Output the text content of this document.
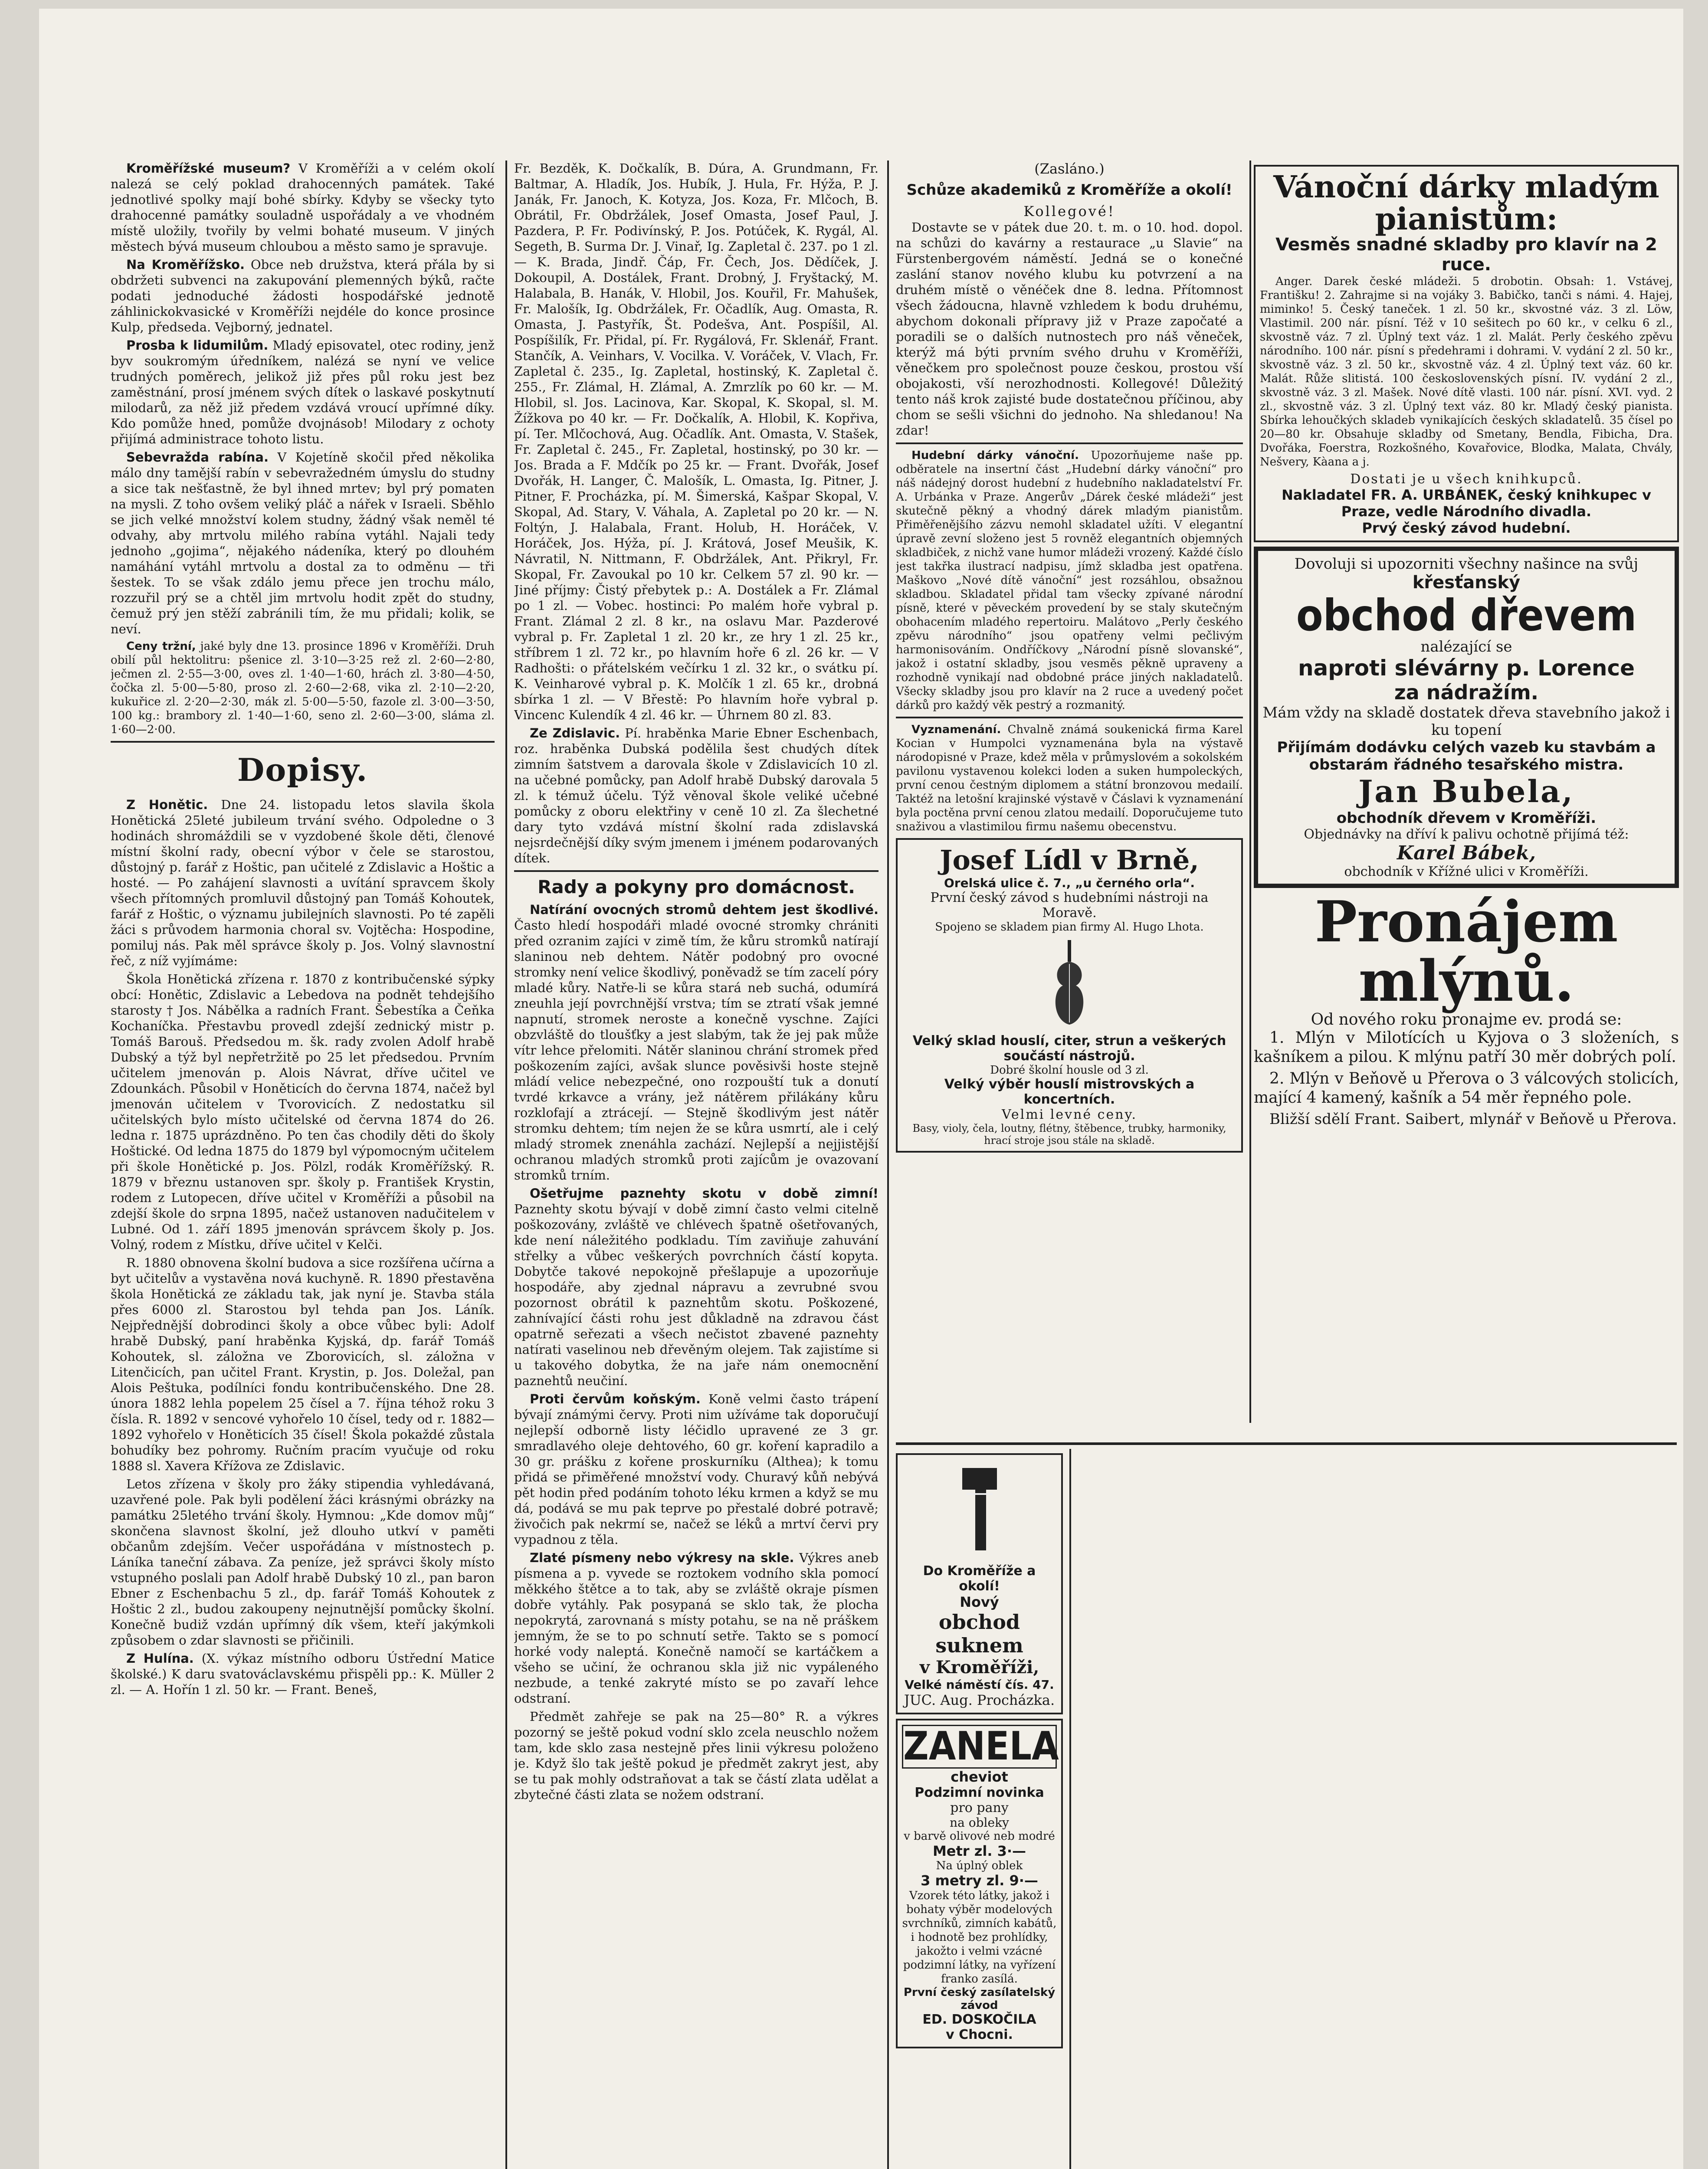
Kroměřížské museum? V Kroměříži a v celém okolí nalezá se celý poklad drahocenných památek. Také jednotlivé spolky mají bohé sbírky. Kdyby se všecky tyto drahocenné památky souladně uspořádaly a ve vhodném místě uložily, tvořily by velmi bohaté museum. V jiných městech bývá museum chloubou a město samo je spravuje.

Na Kroměřížsko. Obce neb družstva, která přála by si obdržeti subvenci na zakupování plemenných býků, račte podati jednoduché žádosti hospodářské jednotě záhlinickokvasické v Kroměříži nejdéle do konce prosince Kulp, předseda. Vejborný, jednatel.

Prosba k lidumilům. Mladý episovatel, otec rodiny, jenž byv soukromým úředníkem, nalézá se nyní ve velice trudných poměrech, jelikož již přes půl roku jest bez zaměstnání, prosí jménem svých dítek o laskavé poskytnutí milodarů, za něž již předem vzdává vroucí upřímné díky. Kdo pomůže hned, pomůže dvojnásob! Milodary z ochoty přijímá administrace tohoto listu.

Sebevražda rabína. V Kojetíně skočil před několika málo dny tamější rabín v sebevražedném úmyslu do studny a sice tak nešťastně, že byl ihned mrtev; byl prý pomaten na mysli. Z toho ovšem veliký pláč a nářek v Israeli. Sběhlo se jich velké množství kolem studny, žádný však neměl té odvahy, aby mrtvolu milého rabína vytáhl. Najali tedy jednoho „gojima“, nějakého nádeníka, který po dlouhém namáhání vytáhl mrtvolu a dostal za to odměnu — tři šestek. To se však zdálo jemu přece jen trochu málo, rozzuřil prý se a chtěl jim mrtvolu hodit zpět do studny, čemuž prý jen stěží zabránili tím, že mu přidali; kolik, se neví.

Ceny tržní, jaké byly dne 13. prosince 1896 v Kroměříži. Druh obilí půl hektolitru: pšenice zl. 3·10—3·25 rež zl. 2·60—2·80, ječmen zl. 2·55—3·00, oves zl. 1·40—1·60, hrách zl. 3·80—4·50, čočka zl. 5·00—5·80, proso zl. 2·60—2·68, vika zl. 2·10—2·20, kukuřice zl. 2·20—2·30, mák zl. 5·00—5·50, fazole zl. 3·00—3·50, 100 kg.: brambory zl. 1·40—1·60, seno zl. 2·60—3·00, sláma zl. 1·60—2·00.

Dopisy.

Z Honětic. Dne 24. listopadu letos slavila škola Honětická 25leté jubileum trvání svého. Odpoledne o 3 hodinách shromáždili se v vyzdobené škole děti, členové místní školní rady, obecní výbor v čele se starostou, důstojný p. farář z Hoštic, pan učitelé z Zdislavic a Hoštic a hosté. — Po zahájení slavnosti a uvítání spravcem školy všech přítomných promluvil důstojný pan Tomáš Kohoutek, farář z Hoštic, o významu jubilejních slavnosti. Po té zapěli žáci s průvodem harmonia choral sv. Vojtěcha: Hospodine, pomiluj nás. Pak měl správce školy p. Jos. Volný slavnostní řeč, z níž vyjímáme:

Škola Honětická zřízena r. 1870 z kontribučenské sýpky obcí: Honětic, Zdislavic a Lebedova na podnět tehdejšího starosty † Jos. Nábělka a radních Frant. Šebestíka a Čeňka Kochaníčka. Přestavbu provedl zdejší zednický mistr p. Tomáš Barouš. Předsedou m. šk. rady zvolen Adolf hrabě Dubský a týž byl nepřetržitě po 25 let předsedou. Prvním učitelem jmenován p. Alois Návrat, dříve učitel ve Zdounkách. Působil v Honěticích do června 1874, načež byl jmenován učitelem v Tvorovicích. Z nedostatku sil učitelských bylo místo učitelské od června 1874 do 26. ledna r. 1875 uprázdněno. Po ten čas chodily děti do školy Hoštické. Od ledna 1875 do 1879 byl výpomocným učitelem při škole Honětické p. Jos. Pölzl, rodák Kroměřížský. R. 1879 v březnu ustanoven spr. školy p. František Krystin, rodem z Lutopecen, dříve učitel v Kroměříži a působil na zdejší škole do srpna 1895, načež ustanoven nadučitelem v Lubné. Od 1. září 1895 jmenován správcem školy p. Jos. Volný, rodem z Místku, dříve učitel v Kelči.

R. 1880 obnovena školní budova a sice rozšířena učírna a byt učitelův a vystavěna nová kuchyně. R. 1890 přestavěna škola Honětická ze základu tak, jak nyní je. Stavba stála přes 6000 zl. Starostou byl tehda pan Jos. Láník. Nejpřednější dobrodinci školy a obce vůbec byli: Adolf hrabě Dubský, paní hraběnka Kyjská, dp. farář Tomáš Kohoutek, sl. záložna ve Zborovicích, sl. záložna v Litenčicích, pan učitel Frant. Krystin, p. Jos. Doležal, pan Alois Peštuka, podílníci fondu kontribučenského. Dne 28. února 1882 lehla popelem 25 čísel a 7. října téhož roku 3 čísla. R. 1892 v sencové vyhořelo 10 čísel, tedy od r. 1882—1892 vyhořelo v Honěticích 35 čísel! Škola pokaždé zůstala bohudíky bez pohromy. Ručním pracím vyučuje od roku 1888 sl. Xavera Křížova ze Zdislavic.

Letos zřízena v školy pro žáky stipendia vyhledávaná, uzavřené pole. Pak byli podělení žáci krásnými obrázky na památku 25letého trvání školy. Hymnou: „Kde domov můj“ skončena slavnost školní, jež dlouho utkví v paměti občanům zdejším. Večer uspořádána v místnostech p. Láníka taneční zábava. Za peníze, jež správci školy místo vstupného poslali pan Adolf hrabě Dubský 10 zl., pan baron Ebner z Eschenbachu 5 zl., dp. farář Tomáš Kohoutek z Hoštic 2 zl., budou zakoupeny nejnutnější pomůcky školní. Konečně budiž vzdán upřímný dík všem, kteří jakýmkoli způsobem o zdar slavnosti se přičinili.

Z Hulína. (X. výkaz místního odboru Ústřední Matice školské.) K daru svatováclavskému přispěli pp.: K. Müller 2 zl. — A. Hořín 1 zl. 50 kr. — Frant. Beneš,

Fr. Bezděk, K. Dočkalík, B. Dúra, A. Grundmann, Fr. Baltmar, A. Hladík, Jos. Hubík, J. Hula, Fr. Hýža, P. J. Janák, Fr. Janoch, K. Kotyza, Jos. Koza, Fr. Mlčoch, B. Obrátil, Fr. Obdržálek, Josef Omasta, Josef Paul, J. Pazdera, P. Fr. Podivínský, P. Jos. Potúček, K. Rygál, Al. Segeth, B. Surma Dr. J. Vinař, Ig. Zapletal č. 237. po 1 zl. — K. Brada, Jindř. Čáp, Fr. Čech, Jos. Dědíček, J. Dokoupil, A. Dostálek, Frant. Drobný, J. Fryštacký, M. Halabala, B. Hanák, V. Hlobil, Jos. Kouřil, Fr. Mahušek, Fr. Malošík, Ig. Obdržálek, Fr. Očadlík, Aug. Omasta, R. Omasta, J. Pastyřík, Št. Podešva, Ant. Pospíšil, Al. Pospíšilík, Fr. Přidal, pí. Fr. Rygálová, Fr. Sklenář, Frant. Stančík, A. Veinhars, V. Vocilka. V. Voráček, V. Vlach, Fr. Zapletal č. 235., Ig. Zapletal, hostinský, K. Zapletal č. 255., Fr. Zlámal, H. Zlámal, A. Zmrzlík po 60 kr. — M. Hlobil, sl. Jos. Lacinova, Kar. Skopal, K. Skopal, sl. M. Žížkova po 40 kr. — Fr. Dočkalík, A. Hlobil, K. Kopřiva, pí. Ter. Mlčochová, Aug. Očadlík. Ant. Omasta, V. Stašek, Fr. Zapletal č. 245., Fr. Zapletal, hostinský, po 30 kr. — Jos. Brada a F. Mdčík po 25 kr. — Frant. Dvořák, Josef Dvořák, H. Langer, Č. Malošík, L. Omasta, Ig. Pitner, J. Pitner, F. Procházka, pí. M. Šimerská, Kašpar Skopal, V. Skopal, Ad. Stary, V. Váhala, A. Zapletal po 20 kr. — N. Foltýn, J. Halabala, Frant. Holub, H. Horáček, V. Horáček, Jos. Hýža, pí. J. Krátová, Josef Meušik, K. Návratil, N. Nittmann, F. Obdržálek, Ant. Přikryl, Fr. Skopal, Fr. Zavoukal po 10 kr. Celkem 57 zl. 90 kr. — Jiné příjmy: Čistý přebytek p.: A. Dostálek a Fr. Zlámal po 1 zl. — Vobec. hostinci: Po malém hoře vybral p. Frant. Zlámal 2 zl. 8 kr., na oslavu Mar. Pazderové vybral p. Fr. Zapletal 1 zl. 20 kr., ze hry 1 zl. 25 kr., stříbrem 1 zl. 72 kr., po hlavním hoře 6 zl. 26 kr. — V Radhošti: o přátelském večírku 1 zl. 32 kr., o svátku pí. K. Veinharové vybral p. K. Molčík 1 zl. 65 kr., drobná sbírka 1 zl. — V Břestě: Po hlavním hoře vybral p. Vincenc Kulendík 4 zl. 46 kr. — Úhrnem 80 zl. 83.

Ze Zdislavic. Pí. hraběnka Marie Ebner Eschenbach, roz. hraběnka Dubská podělila šest chudých dítek zimním šatstvem a darovala škole v Zdislavicích 10 zl. na učebné pomůcky, pan Adolf hrabě Dubský darovala 5 zl. k témuž účelu. Týž věnoval škole veliké učebné pomůcky z oboru elektřiny v ceně 10 zl. Za šlechetné dary tyto vzdává místní školní rada zdislavská nejsrdečnější díky svým jmenem i jménem podarovaných dítek.

Rady a pokyny pro domácnost.

Natírání ovocných stromů dehtem jest škodlivé. Často hledí hospodáři mladé ovocné stromky chrániti před ozranim zajíci v zimě tím, že kůru stromků natírají slaninou neb dehtem. Nátěr podobný pro ovocné stromky není velice škodlivý, poněvadž se tím zacelí póry mladé kůry. Natře-li se kůra stará neb suchá, odumírá zneuhla její povrchnější vrstva; tím se ztratí však jemné napnutí, stromek neroste a konečně vyschne. Zajíci obzvláště do tloušťky a jest slabým, tak že jej pak může vítr lehce přelomiti. Nátěr slaninou chrání stromek před poškozením zajíci, avšak slunce pověsivši hoste stejně mládí velice nebezpečné, ono rozpouští tuk a donutí tvrdé krkavce a vrány, jež nátěrem přilákány kůru rozklofají a ztrácejí. — Stejně škodlivým jest nátěr stromku dehtem; tím nejen že se kůra usmrtí, ale i celý mladý stromek znenáhla zachází. Nejlepší a nejjistější ochranou mladých stromků proti zajícům je ovazovaní stromků trním.

Ošetřujme paznehty skotu v době zimní! Paznehty skotu bývají v době zimní často velmi citelně poškozovány, zvláště ve chlévech špatně ošetřovaných, kde není náležitého podkladu. Tím zaviňuje zahuvání střelky a vůbec veškerých povrchních částí kopyta. Dobytče takové nepokojně přešlapuje a upozorňuje hospodáře, aby zjednal nápravu a zevrubné svou pozornost obrátil k paznehtům skotu. Poškozené, zahnívající části rohu jest důkladně na zdravou část opatrně seřezati a všech nečistot zbavené paznehty natírati vaselinou neb dřevěným olejem. Tak zajistíme si u takového dobytka, že na jaře nám onemocnění paznehtů neučiní.

Proti červům koňským. Koně velmi často trápení bývají známými červy. Proti nim užíváme tak doporučují nejlepší odborně listy léčidlo upravené ze 3 gr. smradlavého oleje dehtového, 60 gr. koření kapradilo a 30 gr. prášku z kořene proskurníku (Althea); k tomu přidá se přiměřené množství vody. Churavý kůň nebývá pět hodin před podáním tohoto léku krmen a když se mu dá, podává se mu pak teprve po přestalé dobré potravě; živočich pak nekrmí se, načež se léků a mrtví červi pry vypadnou z těla.

Zlaté písmeny nebo výkresy na skle. Výkres aneb písmena a p. vyvede se roztokem vodního skla pomocí měkkého štětce a to tak, aby se zvláště okraje písmen dobře vytáhly. Pak posypaná se sklo tak, že plocha nepokrytá, zarovnaná s místy potahu, se na ně práškem jemným, že se to po schnutí setře. Takto se s pomocí horké vody naleptá. Konečně namočí se kartáčkem a všeho se učiní, že ochranou skla již nic vypáleného nezbude, a tenké zakryté místo se po zavaří lehce odstraní.

Předmět zahřeje se pak na 25—80° R. a výkres pozorný se ještě pokud vodní sklo zcela neuschlo nožem tam, kde sklo zasa nestejně přes linii výkresu položeno je. Když šlo tak ještě pokud je předmět zakryt jest, aby se tu pak mohly odstraňovat a tak se částí zlata udělat a zbytečné části zlata se nožem odstraní.

(Zasláno.)
Schůze akademiků z Kroměříže a okolí!
Kollegové!

Dostavte se v pátek due 20. t. m. o 10. hod. dopol. na schůzi do kavárny a restaurace „u Slavie“ na Fürstenbergovém náměstí. Jedná se o konečné zaslání stanov nového klubu ku potvrzení a na druhém místě o věnéček dne 8. ledna. Přítomnost všech žádoucna, hlavně vzhledem k bodu druhému, abychom dokonali přípravy již v Praze započaté a poradili se o dalších nutnostech pro náš věneček, kterýž má býti prvním svého druhu v Kroměříži, věnečkem pro společnost pouze českou, prostou vší obojakosti, vší nerozhodnosti. Kollegové! Důležitý tento náš krok zajisté bude dostatečnou příčinou, aby chom se sešli všichni do jednoho. Na shledanou! Na zdar!

Hudební dárky vánoční. Upozorňujeme naše pp. odběratele na insertní část „Hudební dárky vánoční“ pro náš nádejný dorost hudební z hudebního nakladatelství Fr. A. Urbánka v Praze. Angerův „Dárek české mládeži“ jest skutečně pěkný a vhodný dárek mladým pianistům. Přiměřenějšího zázvu nemohl skladatel užíti. V elegantní úpravě zevní složeno jest 5 rovněž elegantních objemných skladbiček, z nichž vane humor mládeži vrozený. Každé číslo jest takřka ilustrací nadpisu, jímž skladba jest opatřena. Maškovo „Nové dítě vánoční“ jest rozsáhlou, obsažnou skladbou. Skladatel přidal tam všecky zpívané národní písně, které v pěveckém provedení by se staly skutečným obohacením mladého repertoiru. Malátovo „Perly českého zpěvu národního“ jsou opatřeny velmi pečlivým harmonisováním. Ondříčkovy „Národní písně slovanské“, jakož i ostatní skladby, jsou vesměs pěkně upraveny a rozhodně vynikají nad obdobné práce jiných nakladatelů. Všecky skladby jsou pro klavír na 2 ruce a uvedený počet dárků pro každý věk pestrý a rozmanitý.

Vyznamenání. Chvalně známá soukenická firma Karel Kocian v Humpolci vyznamenána byla na výstavě národopisné v Praze, kdež měla v průmyslovém a sokolském pavilonu vystavenou kolekci loden a suken humpoleckých, první cenou čestným diplomem a státní bronzovou medailí. Taktéž na letošní krajinské výstavě v Čáslavi k vyznamenání byla poctěna první cenou zlatou medailí. Doporučujeme tuto snaživou a vlastimilou firmu našemu obecenstvu.

Josef Lídl v Brně,
Orelská ulice č. 7., „u černého orla“.
První český závod s hudebními nástroji na Moravě.
Spojeno se skladem pian firmy Al. Hugo Lhota.
Velký sklad houslí, citer, strun a veškerých součástí nástrojů.
Dobré školní housle od 3 zl.
Velký výběr houslí mistrovských a koncertních.
Velmi levné ceny.
Basy, violy, čela, loutny, flétny, štěbence, trubky, harmoniky, hrací stroje jsou stále na skladě.
Do Kroměříže a okolí!
Nový
obchod suknem
v Kroměříži,
Velké náměstí čís. 47.
JUC. Aug. Procházka.
ZANELA
cheviot
Podzimní novinka
pro pany
na obleky
v barvě olivové neb modré
Metr zl. 3·—
Na úplný oblek
3 metry zl. 9·—
Vzorek této látky, jakož i bohaty výběr modelových svrchníků, zimních kabátů, i hodnotě bez prohlídky, jakožto i velmi vzácné podzimní látky, na vyřízení franko zasílá.
První český zasílatelský závod
ED. DOSKOČILA
v Chocni.
Vánoční dárky mladým pianistům:
Vesměs snadné skladby pro klavír na 2 ruce.

Anger. Darek české mládeži. 5 drobotin. Obsah: 1. Vstávej, Františku! 2. Zahrajme si na vojáky 3. Babičko, tanči s námi. 4. Hajej, miminko! 5. Český taneček. 1 zl. 50 kr., skvostné váz. 3 zl. Löw, Vlastimil. 200 nár. písní. Též v 10 sešitech po 60 kr., v celku 6 zl., skvostně váz. 7 zl. Úplný text váz. 1 zl. Malát. Perly českého zpěvu národního. 100 nár. písní s předehrami i dohrami. V. vydání 2 zl. 50 kr., skvostně váz. 3 zl. 50 kr., skvostně váz. 4 zl. Úplný text váz. 60 kr. Malát. Růže slitistá. 100 československých písní. IV. vydání 2 zl., skvostně váz. 3 zl. Mašek. Nové dítě vlasti. 100 nár. písní. XVI. vyd. 2 zl., skvostně váz. 3 zl. Úplný text váz. 80 kr. Mladý český pianista. Sbírka lehoučkých skladeb vynikajících českých skladatelů. 35 čísel po 20—80 kr. Obsahuje skladby od Smetany, Bendla, Fibicha, Dra. Dvořáka, Foerstra, Rozkošného, Kovařovice, Blodka, Malata, Chvály, Nešvery, Kàana a j.

Dostati je u všech knihkupců.
Nakladatel FR. A. URBÁNEK, český knihkupec v Praze, vedle Národního divadla.
Prvý český závod hudební.
Dovoluji si upozorniti všechny našince na svůj
křesťanský
obchod dřevem
nalézající se
naproti slévárny p. Lorence
za nádražím.
Mám vždy na skladě dostatek dřeva stavebního jakož i ku topení
Přijímám dodávku celých vazeb ku stavbám a obstarám řádného tesařského mistra.
Jan Bubela,
obchodník dřevem v Kroměříži.
Objednávky na dříví k palivu ochotně přijímá též:
Karel Bábek,
obchodník v Křížné ulici v Kroměříži.
Pronájem mlýnů.
Od nového roku pronajme ev. prodá se:

1. Mlýn v Milotících u Kyjova o 3 složeních, s kašníkem a pilou. K mlýnu patří 30 měr dobrých polí.

2. Mlýn v Beňově u Přerova o 3 válcových stolicích, mající 4 kamený, kašník a 54 měr řepného pole.

Bližší sdělí Frant. Saibert, mlynář v Beňově u Přerova.
